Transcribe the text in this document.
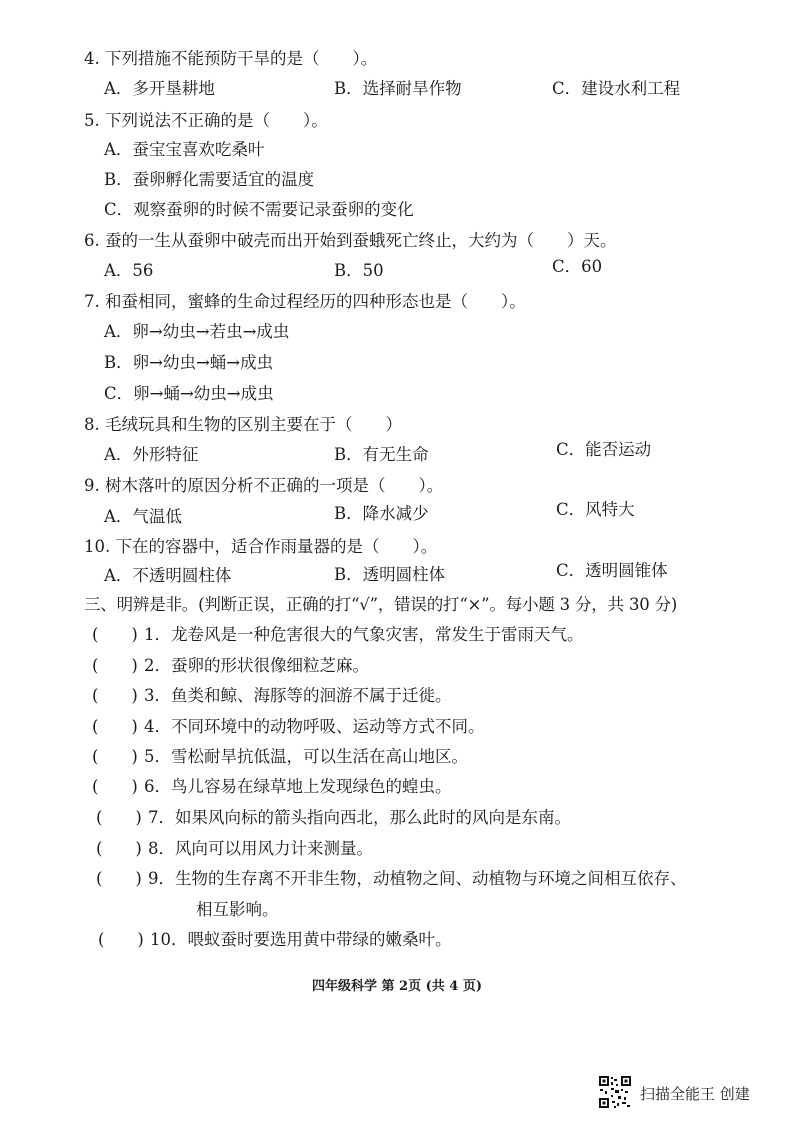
4. 下列措施不能预防干旱的是（　　）。
A．多开垦耕地	B．选择耐旱作物	C．建设水利工程
5. 下列说法不正确的是（　　）。
A．蚕宝宝喜欢吃桑叶
B．蚕卵孵化需要适宜的温度
C．观察蚕卵的时候不需要记录蚕卵的变化
6. 蚕的一生从蚕卵中破壳而出开始到蚕蛾死亡终止，大约为（　　）天。
A．56	B．50	C．60
7. 和蚕相同，蜜蜂的生命过程经历的四种形态也是（　　）。
A．卵→幼虫→若虫→成虫
B．卵→幼虫→蛹→成虫
C．卵→蛹→幼虫→成虫
8. 毛绒玩具和生物的区别主要在于（　　）
A．外形特征	B．有无生命	C．能否运动
9. 树木落叶的原因分析不正确的一项是（　　）。
A．气温低	B．降水减少	C．风特大
10. 下在的容器中，适合作雨量器的是（　　）。
A．不透明圆柱体	B．透明圆柱体	C．透明圆锥体
三、明辨是非。(判断正误，正确的打“√”，错误的打“×”。每小题 3 分，共 30 分)
(　　) 1．龙卷风是一种危害很大的气象灾害，常发生于雷雨天气。
(　　) 2．蚕卵的形状很像细粒芝麻。
(　　) 3．鱼类和鲸、海豚等的洄游不属于迁徙。
(　　) 4．不同环境中的动物呼吸、运动等方式不同。
(　　) 5．雪松耐旱抗低温，可以生活在高山地区。
(　　) 6．鸟儿容易在绿草地上发现绿色的蝗虫。
(　　) 7．如果风向标的箭头指向西北，那么此时的风向是东南。
(　　) 8．风向可以用风力计来测量。
(　　) 9．生物的生存离不开非生物，动植物之间、动植物与环境之间相互依存、
相互影响。
(　　) 10．喂蚁蚕时要选用黄中带绿的嫩桑叶。
四年级科学 第 2页 (共 4 页)
扫描全能王 创建
